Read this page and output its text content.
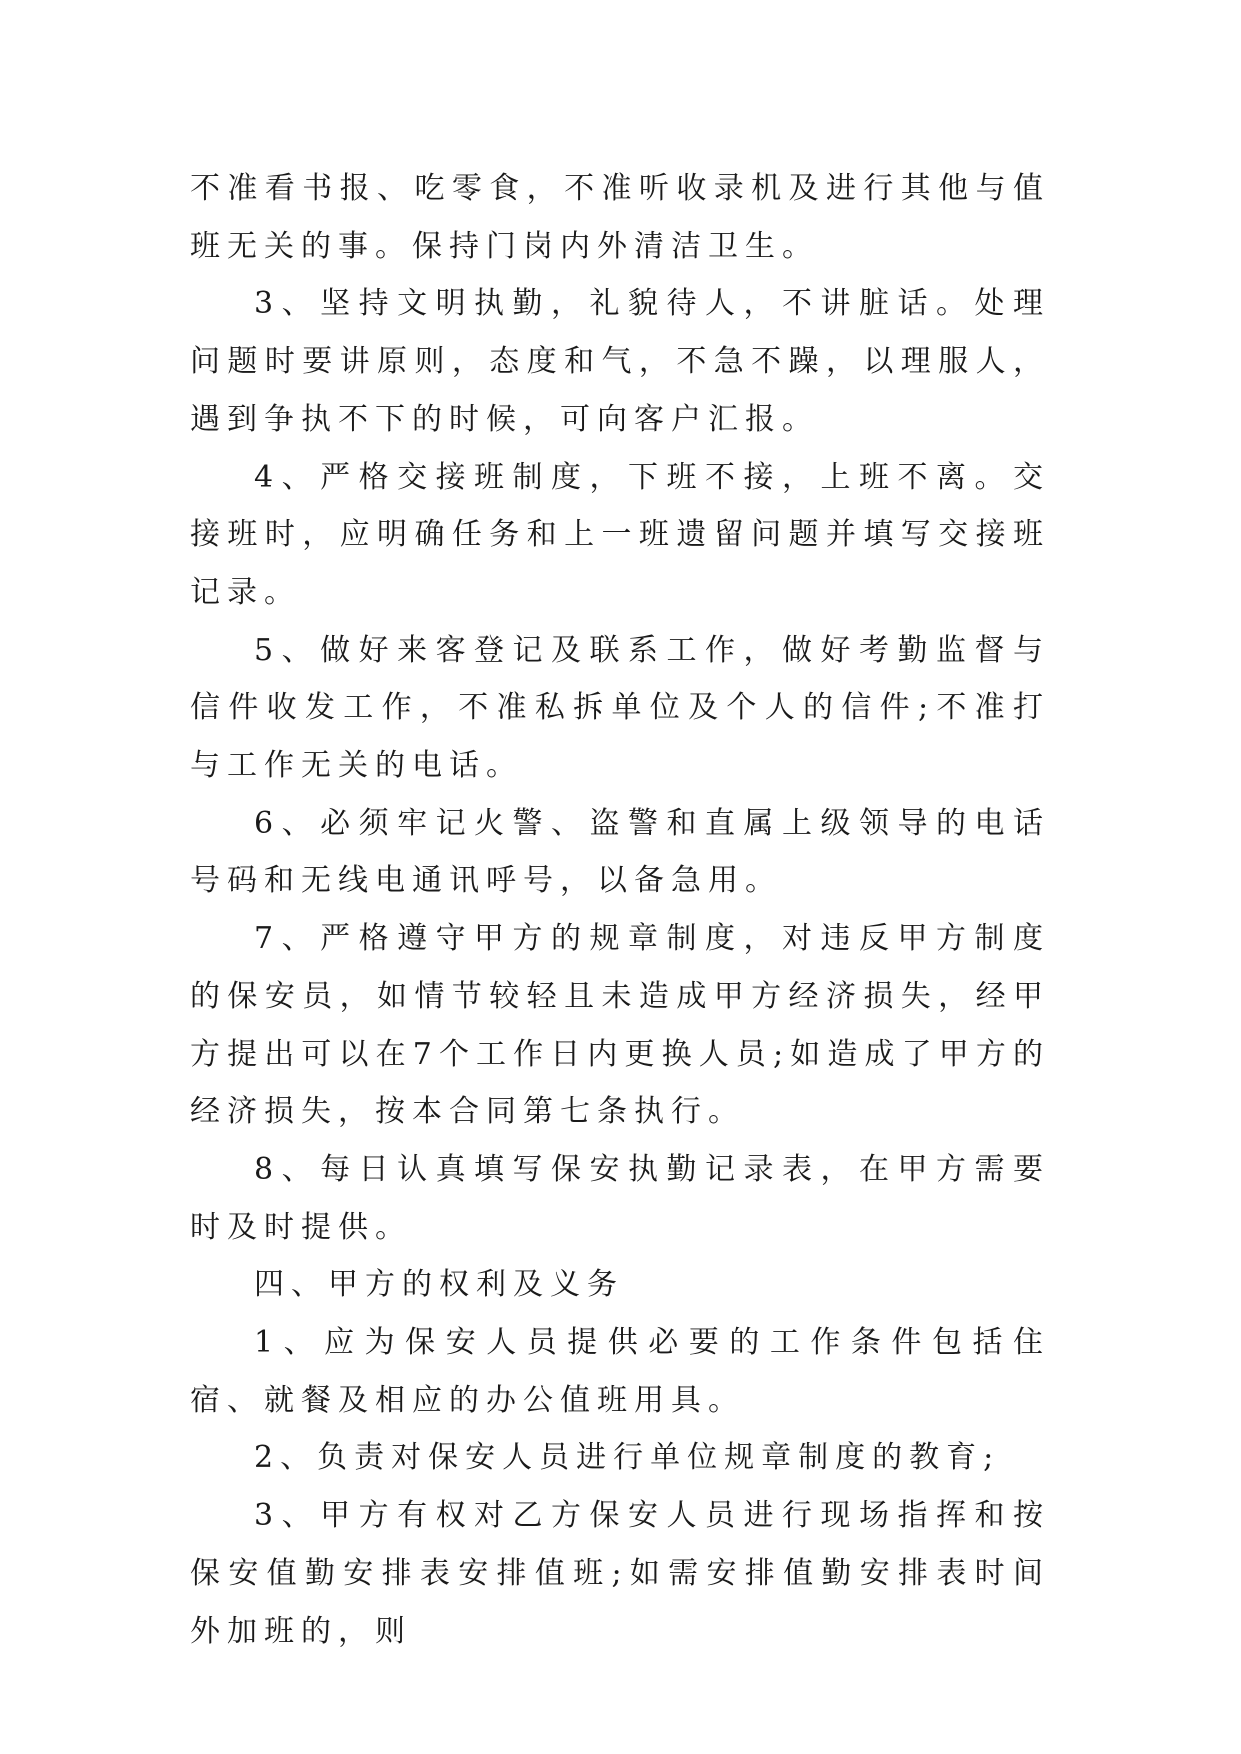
不准看书报、吃零食，不准听收录机及进行其他与值班无关的事。保持门岗内外清洁卫生。

3、坚持文明执勤，礼貌待人，不讲脏话。处理问题时要讲原则，态度和气，不急不躁，以理服人，遇到争执不下的时候，可向客户汇报。

4、严格交接班制度，下班不接，上班不离。交接班时，应明确任务和上一班遗留问题并填写交接班记录。

5、做好来客登记及联系工作，做好考勤监督与信件收发工作，不准私拆单位及个人的信件;不准打与工作无关的电话。

6、必须牢记火警、盗警和直属上级领导的电话号码和无线电通讯呼号，以备急用。

7、严格遵守甲方的规章制度，对违反甲方制度的保安员，如情节较轻且未造成甲方经济损失，经甲方提出可以在7个工作日内更换人员;如造成了甲方的经济损失，按本合同第七条执行。

8、每日认真填写保安执勤记录表，在甲方需要时及时提供。

四、甲方的权利及义务

1、应为保安人员提供必要的工作条件包括住宿、就餐及相应的办公值班用具。

2、负责对保安人员进行单位规章制度的教育;

3、甲方有权对乙方保安人员进行现场指挥和按保安值勤安排表安排值班;如需安排值勤安排表时间外加班的，则
